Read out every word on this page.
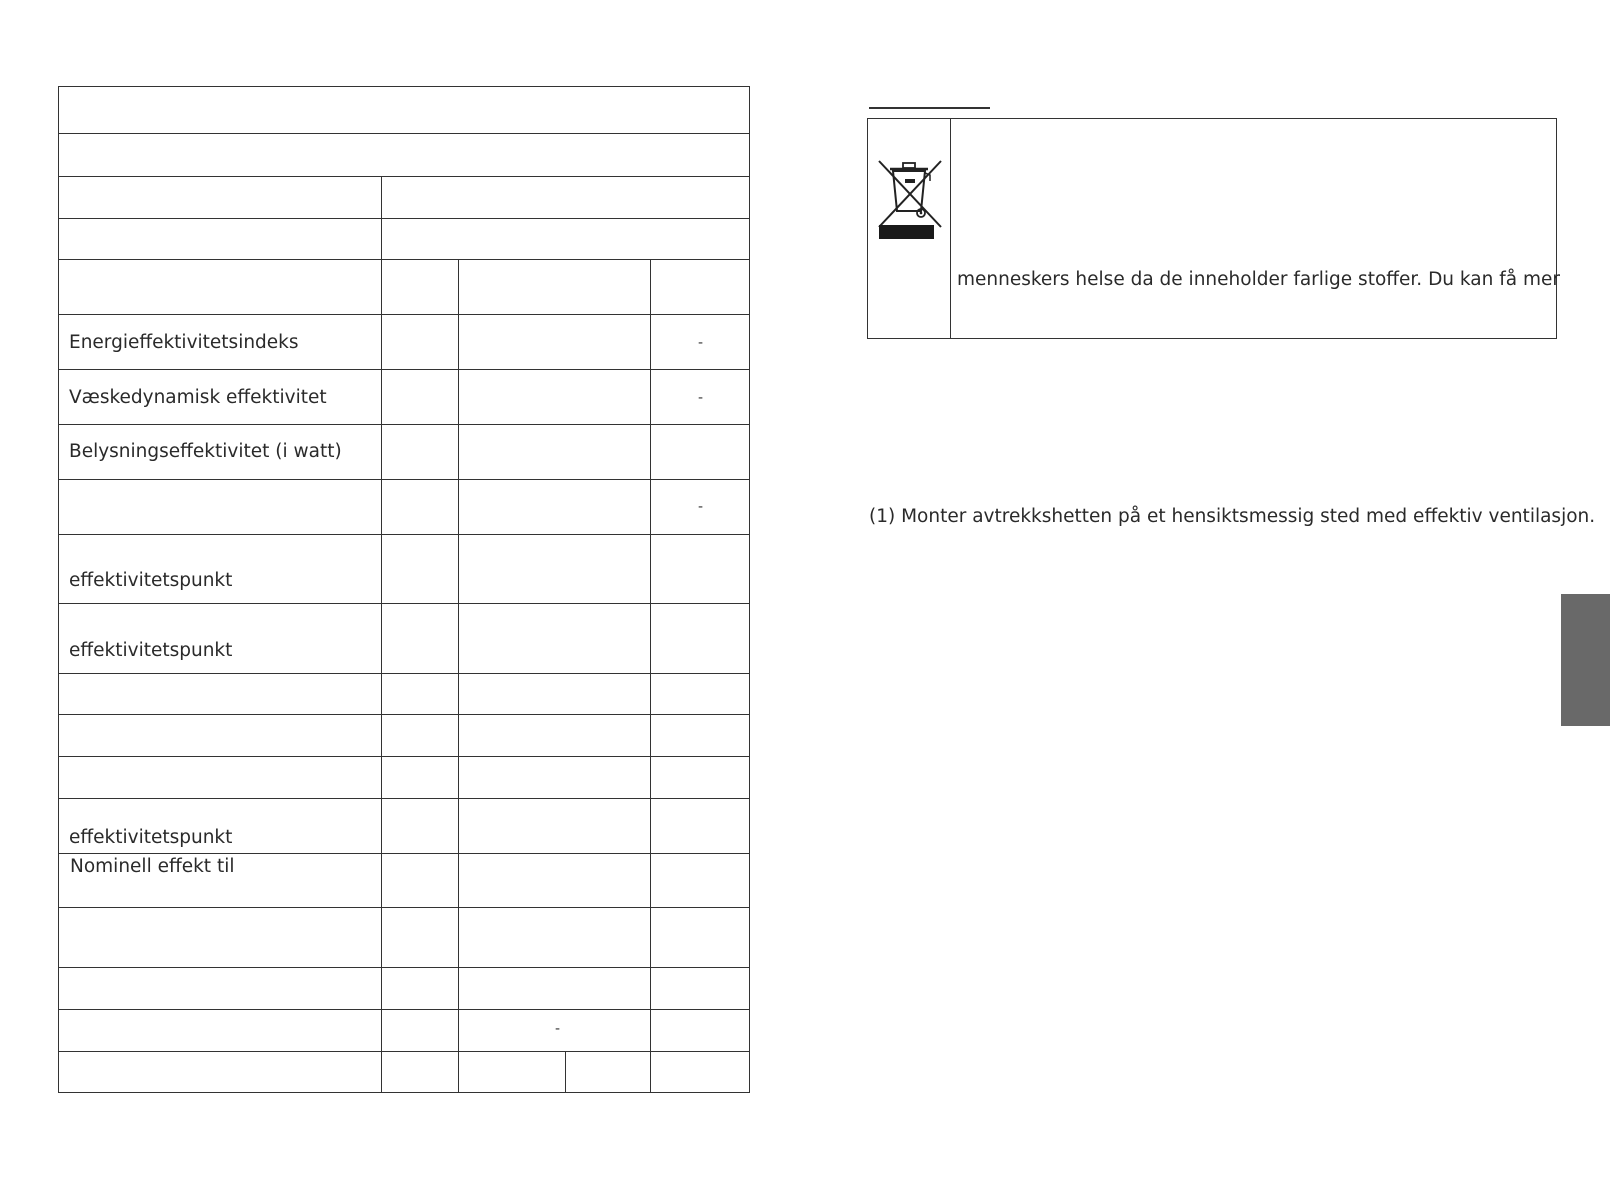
Energieffektivitetsindeks	-
Væskedynamisk effektivitet	-
Belysningseffektivitet (i watt)
-
effektivitetspunkt
effektivitetspunkt
effektivitetspunkt
Nominell effekt til
-
menneskers helse da de inneholder farlige stoffer. Du kan få mer
(1) Monter avtrekkshetten på et hensiktsmessig sted med effektiv ventilasjon.
